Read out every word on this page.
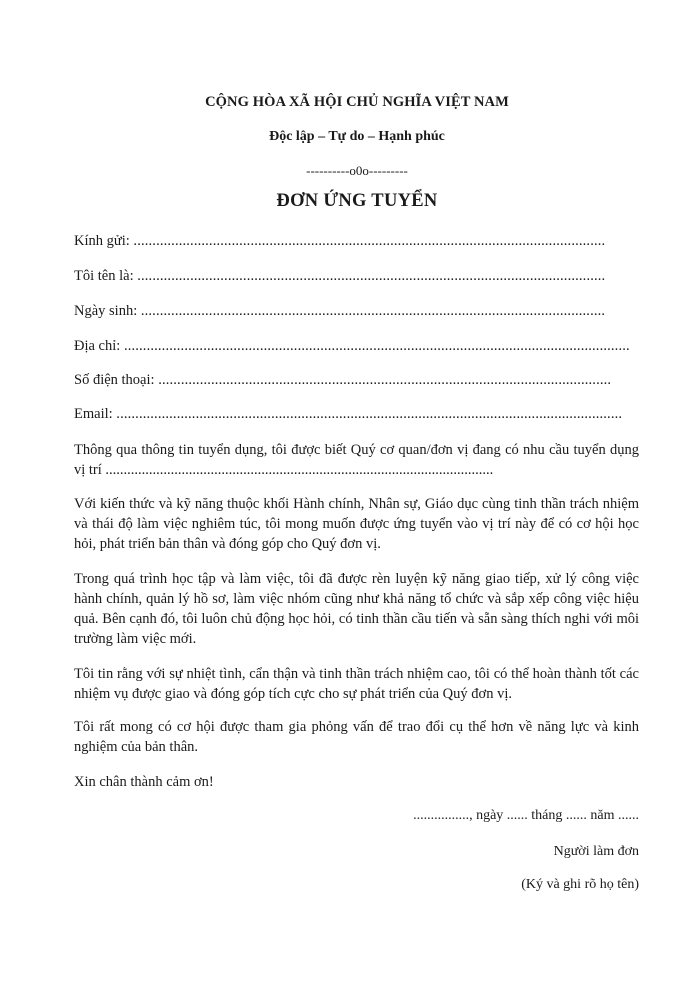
CỘNG HÒA XÃ HỘI CHỦ NGHĨA VIỆT NAM
Độc lập – Tự do – Hạnh phúc
----------o0o---------
ĐƠN ỨNG TUYỂN
Kính gửi: .............................................................................................................................
Tôi tên là: ............................................................................................................................
Ngày sinh: ...........................................................................................................................
Địa chỉ: ......................................................................................................................................
Số điện thoại: ........................................................................................................................
Email: ......................................................................................................................................
Thông qua thông tin tuyển dụng, tôi được biết Quý cơ quan/đơn vị đang có nhu cầu tuyển dụng vị trí ...........................................................................................................
Với kiến thức và kỹ năng thuộc khối Hành chính, Nhân sự, Giáo dục cùng tinh thần trách nhiệm và thái độ làm việc nghiêm túc, tôi mong muốn được ứng tuyển vào vị trí này để có cơ hội học hỏi, phát triển bản thân và đóng góp cho Quý đơn vị.
Trong quá trình học tập và làm việc, tôi đã được rèn luyện kỹ năng giao tiếp, xử lý công việc hành chính, quản lý hồ sơ, làm việc nhóm cũng như khả năng tổ chức và sắp xếp công việc hiệu quả. Bên cạnh đó, tôi luôn chủ động học hỏi, có tinh thần cầu tiến và sẵn sàng thích nghi với môi trường làm việc mới.
Tôi tin rằng với sự nhiệt tình, cẩn thận và tinh thần trách nhiệm cao, tôi có thể hoàn thành tốt các nhiệm vụ được giao và đóng góp tích cực cho sự phát triển của Quý đơn vị.
Tôi rất mong có cơ hội được tham gia phỏng vấn để trao đổi cụ thể hơn về năng lực và kinh nghiệm của bản thân.
Xin chân thành cảm ơn!
................, ngày ...... tháng ...... năm ......
Người làm đơn
(Ký và ghi rõ họ tên)
